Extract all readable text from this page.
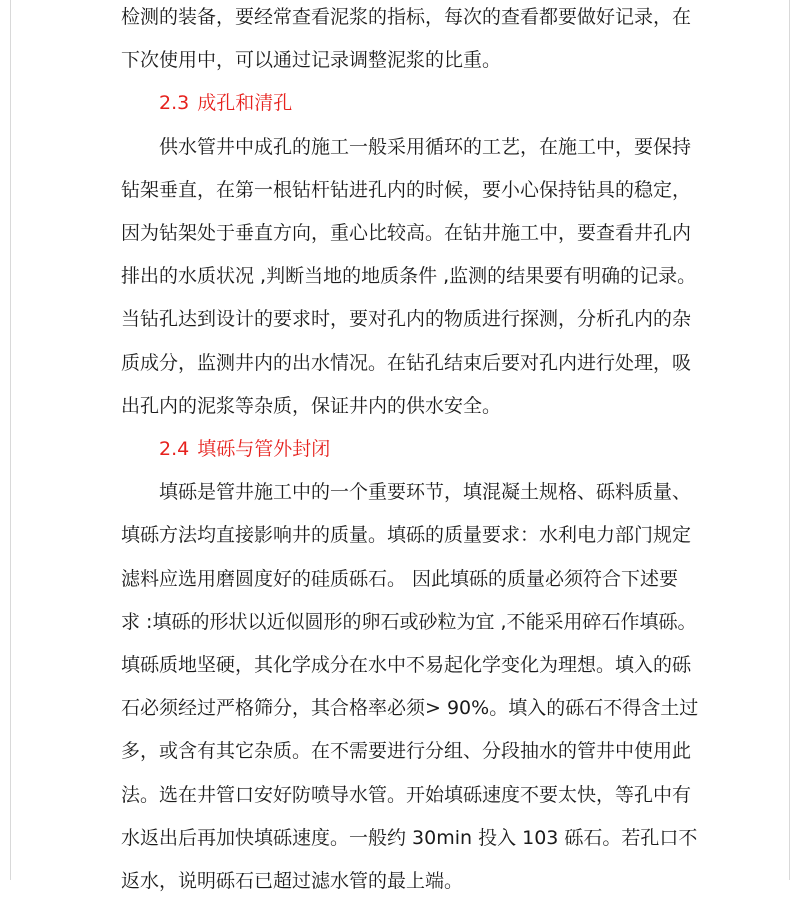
检测的装备，要经常查看泥浆的指标，每次的查看都要做好记录，在
下次使用中，可以通过记录调整泥浆的比重。
2.3 成孔和清孔
供水管井中成孔的施工一般采用循环的工艺，在施工中，要保持
钻架垂直，在第一根钻杆钻进孔内的时候，要小心保持钻具的稳定，
因为钻架处于垂直方向，重心比较高。在钻井施工中，要查看井孔内
排出的水质状况 ,判断当地的地质条件 ,监测的结果要有明确的记录。
当钻孔达到设计的要求时，要对孔内的物质进行探测，分析孔内的杂
质成分，监测井内的出水情况。在钻孔结束后要对孔内进行处理，吸
出孔内的泥浆等杂质，保证井内的供水安全。
2.4 填砾与管外封闭
填砾是管井施工中的一个重要环节，填混凝土规格、砾料质量、
填砾方法均直接影响井的质量。填砾的质量要求：水利电力部门规定
滤料应选用磨圆度好的硅质砾石。 因此填砾的质量必须符合下述要
求 :填砾的形状以近似圆形的卵石或砂粒为宜 ,不能采用碎石作填砾。
填砾质地坚硬，其化学成分在水中不易起化学变化为理想。填入的砾
石必须经过严格筛分，其合格率必须> 90%。填入的砾石不得含土过
多，或含有其它杂质。在不需要进行分组、分段抽水的管井中使用此
法。选在井管口安好防喷导水管。开始填砾速度不要太快，等孔中有
水返出后再加快填砾速度。一般约 30min 投入 103 砾石。若孔口不
返水，说明砾石已超过滤水管的最上端。
